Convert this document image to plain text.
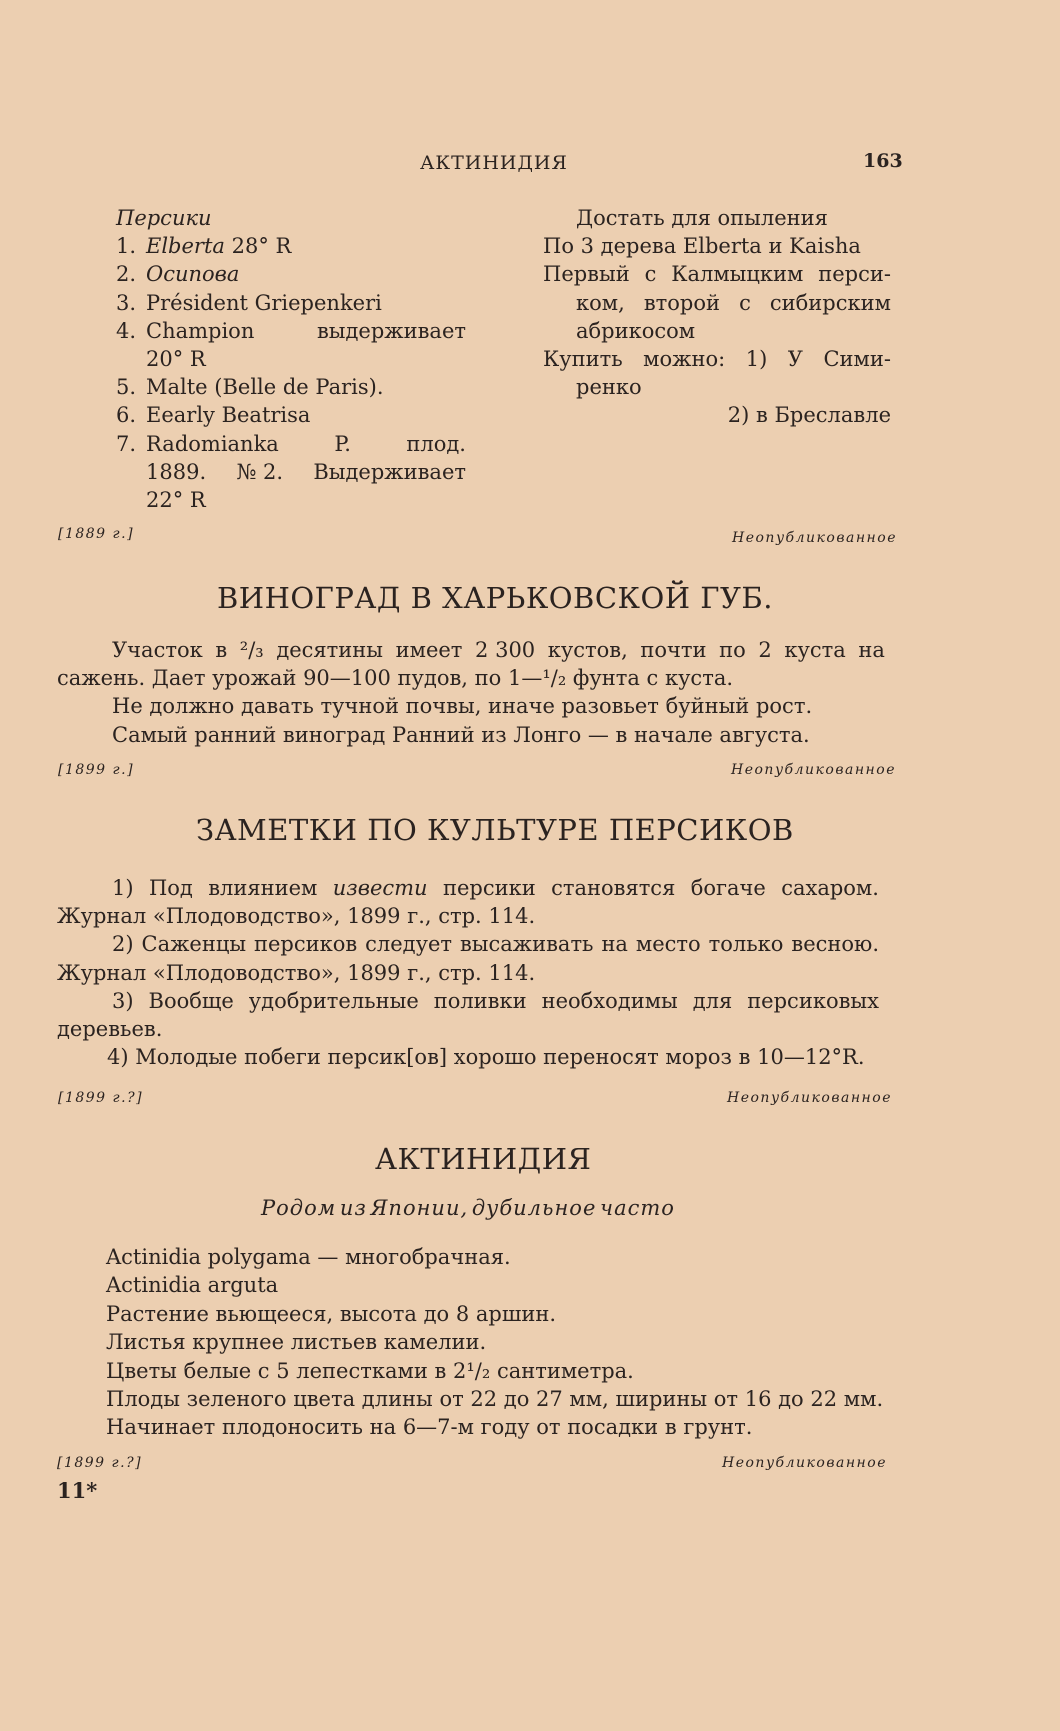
АКТИНИДИЯ	163
Персики
1. Elberta 28° R
2. Осипова
3. Président Griepenkeri
4. Champion	выдерживает
20° R
5. Malte (Belle de Paris).
6. Eearly Beatrisa
7. Radomianka	P.	плод.
1889. № 2. Выдерживает
22° R
Достать для опыления
По 3 дерева Elberta и Kaisha
Первый с Калмыцким перси-
ком, второй с сибирским
абрикосом
Купить можно: 1) У Сими-
ренко
2) в Бреславле
[1889 г.]	Неопубликованное
ВИНОГРАД В ХАРЬКОВСКОЙ ГУБ.
Участок в ²/₃ десятины имеет 2 300 кустов, почти по 2 куста на
сажень. Дает урожай 90—100 пудов, по 1—¹/₂ фунта с куста.
Не должно давать тучной почвы, иначе разовьет буйный рост.
Самый ранний виноград Ранний из Лонго — в начале августа.
[1899 г.]	Неопубликованное
ЗАМЕТКИ ПО КУЛЬТУРЕ ПЕРСИКОВ
1) Под влиянием извести персики становятся богаче сахаром.
Журнал «Плодоводство», 1899 г., стр. 114.
2) Саженцы персиков следует высаживать на место только весною.
Журнал «Плодоводство», 1899 г., стр. 114.
3) Вообще удобрительные поливки необходимы для персиковых
деревьев.
4) Молодые побеги персик[ов] хорошо переносят мороз в 10—12°R.
[1899 г.?]	Неопубликованное
АКТИНИДИЯ
Родом из Японии, дубильное часто
Actinidia polygama — многобрачная.
Actinidia arguta
Растение вьющееся, высота до 8 аршин.
Листья крупнее листьев камелии.
Цветы белые с 5 лепестками в 2¹/₂ сантиметра.
Плоды зеленого цвета длины от 22 до 27 мм, ширины от 16 до 22 мм.
Начинает плодоносить на 6—7-м году от посадки в грунт.
[1899 г.?]	Неопубликованное
11*
